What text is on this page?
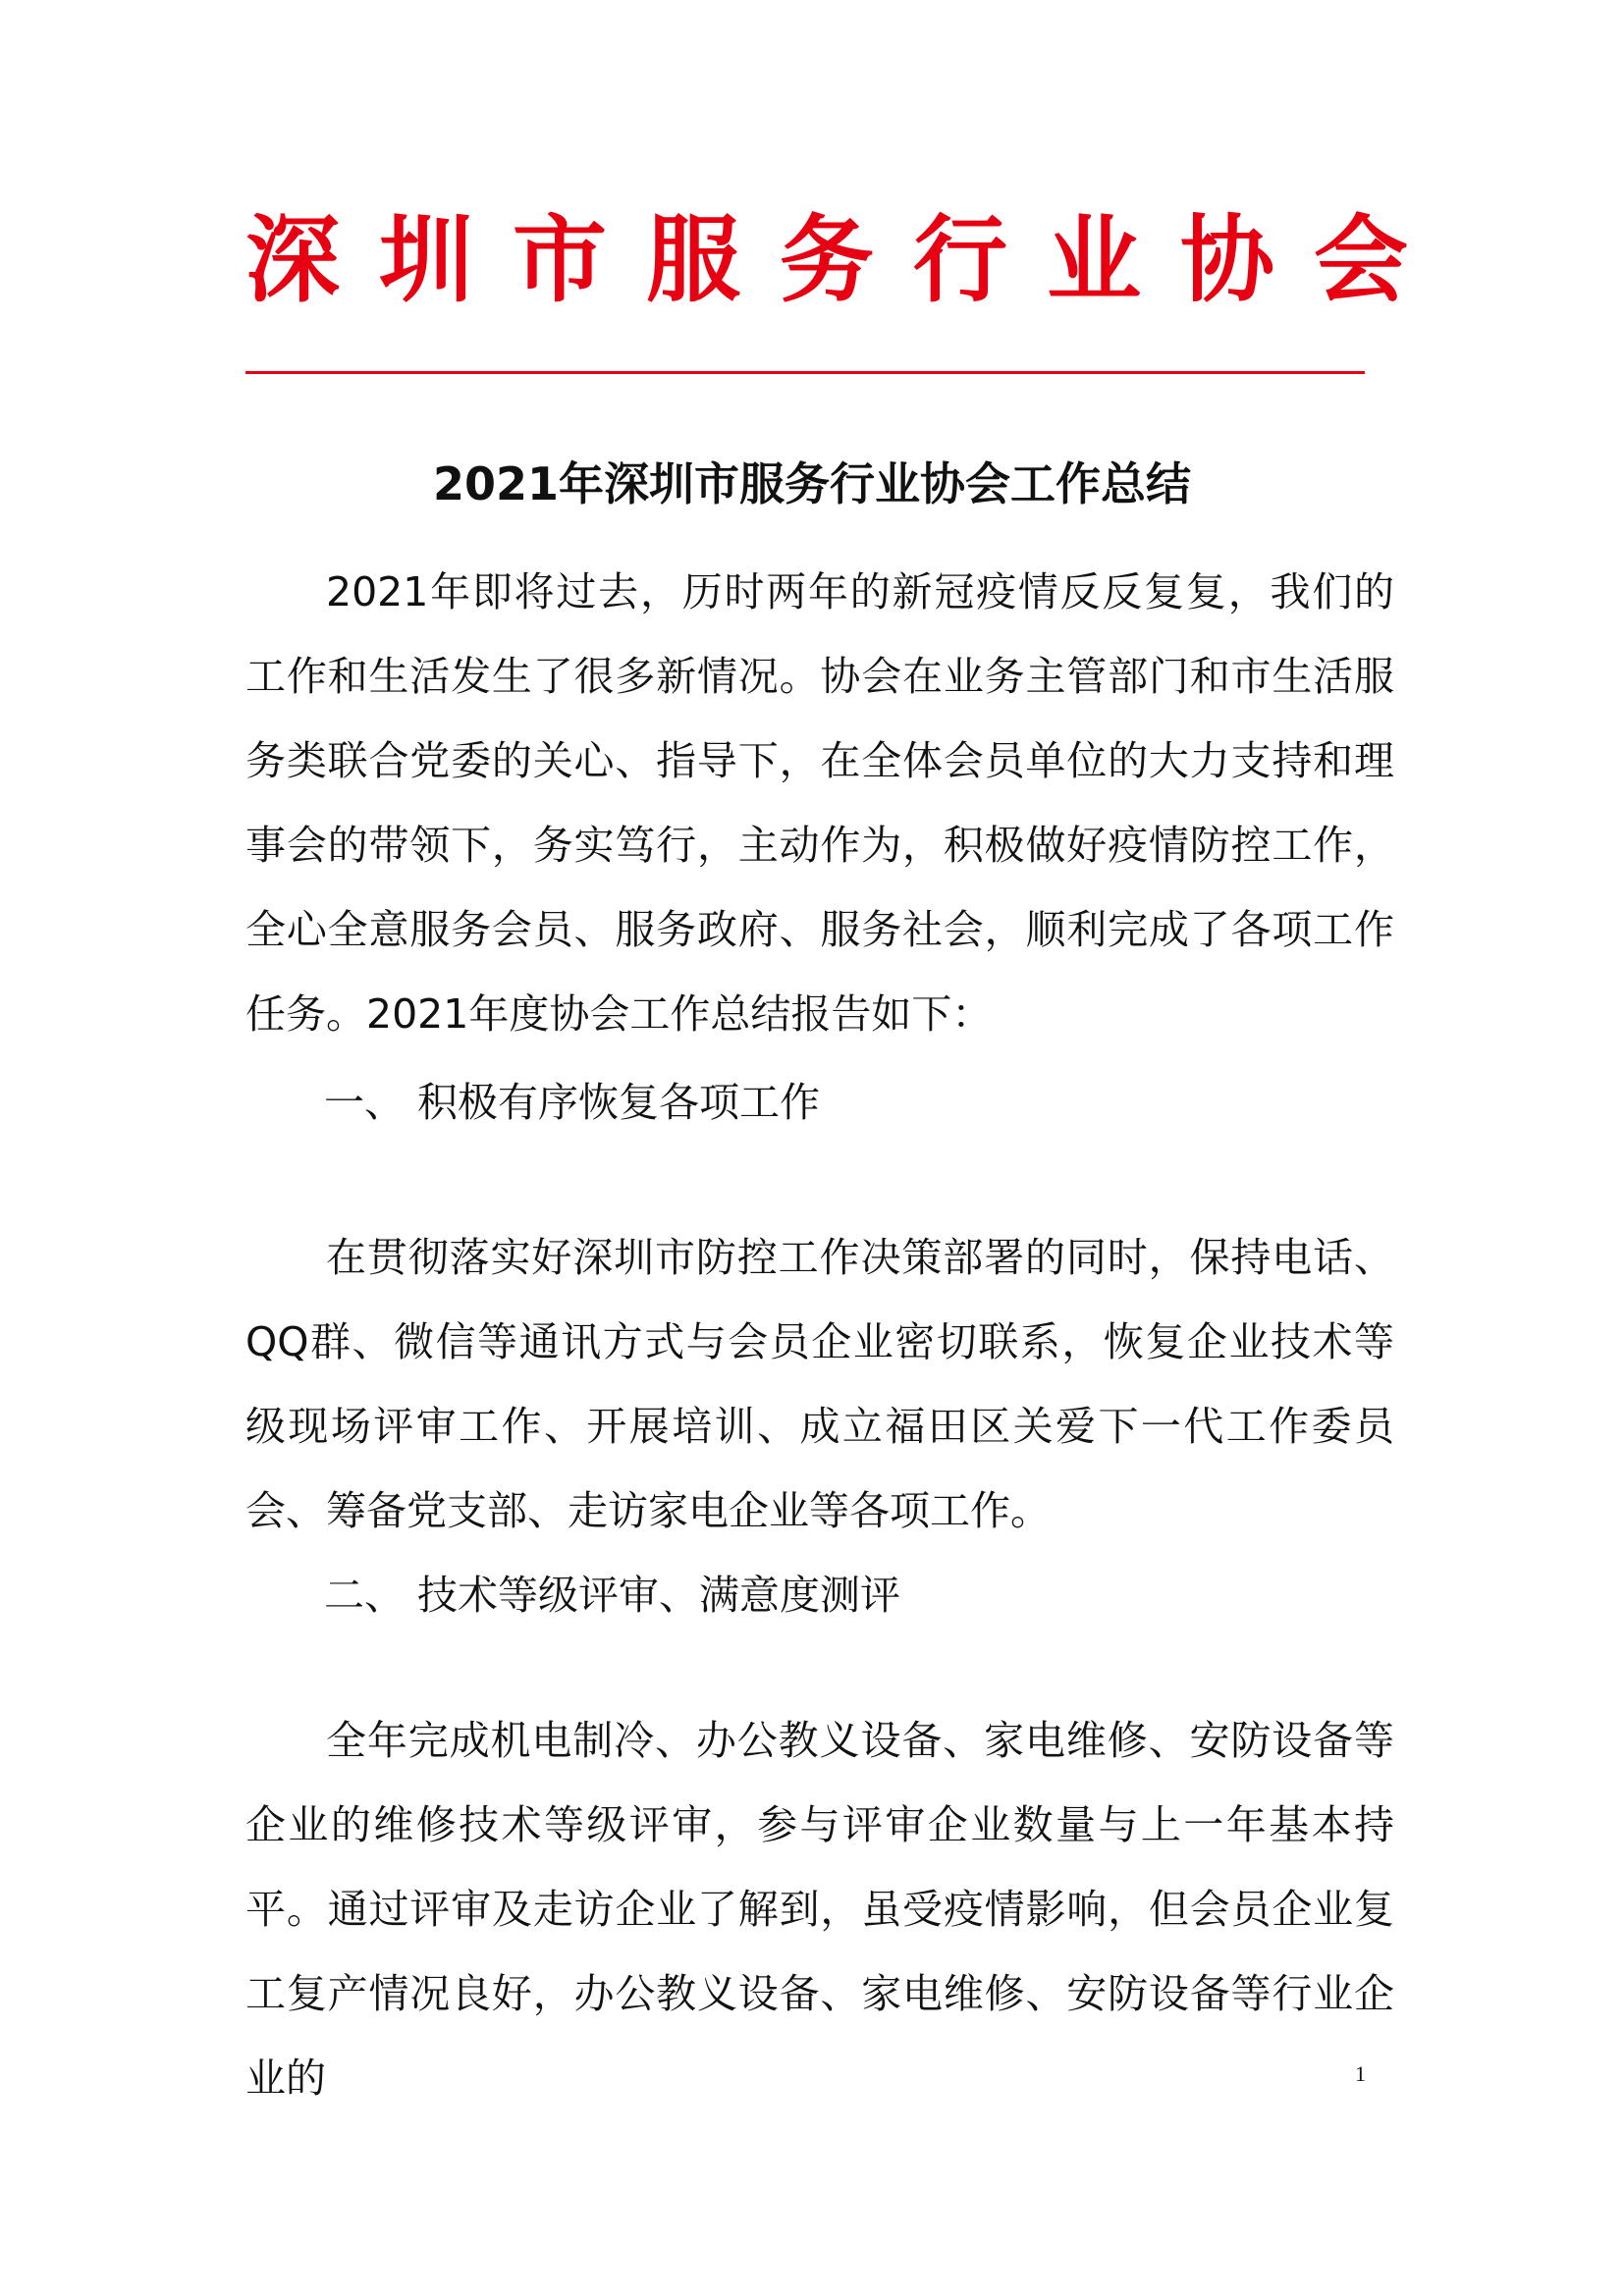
深圳市服务行业协会
2021年深圳市服务行业协会工作总结

2021年即将过去，历时两年的新冠疫情反反复复，我们的工作和生活发生了很多新情况。协会在业务主管部门和市生活服务类联合党委的关心、指导下，在全体会员单位的大力支持和理事会的带领下，务实笃行，主动作为，积极做好疫情防控工作，全心全意服务会员、服务政府、服务社会，顺利完成了各项工作任务。2021年度协会工作总结报告如下：

一、 积极有序恢复各项工作

在贯彻落实好深圳市防控工作决策部署的同时，保持电话、QQ群、微信等通讯方式与会员企业密切联系，恢复企业技术等级现场评审工作、开展培训、成立福田区关爱下一代工作委员会、筹备党支部、走访家电企业等各项工作。

二、 技术等级评审、满意度测评

全年完成机电制冷、办公教义设备、家电维修、安防设备等企业的维修技术等级评审，参与评审企业数量与上一年基本持平。通过评审及走访企业了解到，虽受疫情影响，但会员企业复工复产情况良好，办公教义设备、家电维修、安防设备等行业企业的	1
